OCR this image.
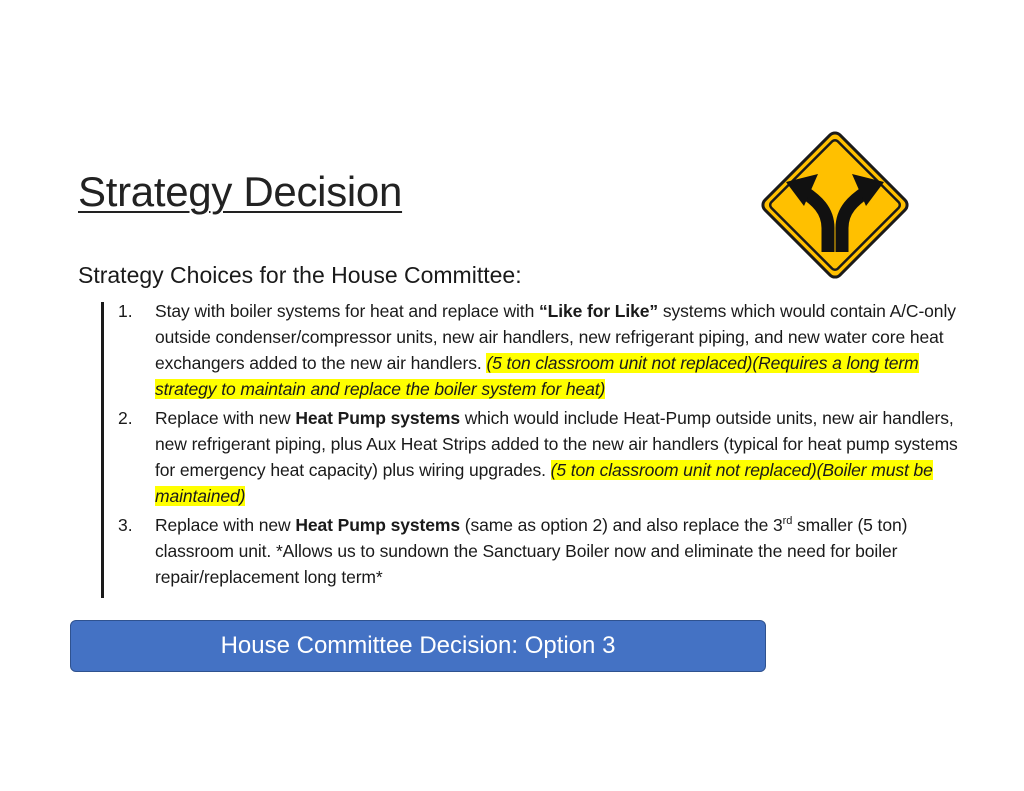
Strategy Decision
Strategy Choices for the House Committee:
1.	Stay with boiler systems for heat and replace with “Like for Like” systems which would contain A/C-only outside condenser/compressor units, new air handlers, new refrigerant piping, and new water core heat exchangers added to the new air handlers. (5 ton classroom unit not replaced)(Requires a long term strategy to maintain and replace the boiler system for heat)
2.	Replace with new Heat Pump systems which would include Heat-Pump outside units, new air handlers, new refrigerant piping, plus Aux Heat Strips added to the new air handlers (typical for heat pump systems for emergency heat capacity) plus wiring upgrades. (5 ton classroom unit not replaced)(Boiler must be maintained)
3.	Replace with new Heat Pump systems (same as option 2) and also replace the 3rd smaller (5 ton) classroom unit. *Allows us to sundown the Sanctuary Boiler now and eliminate the need for boiler repair/replacement long term*
House Committee Decision: Option 3
